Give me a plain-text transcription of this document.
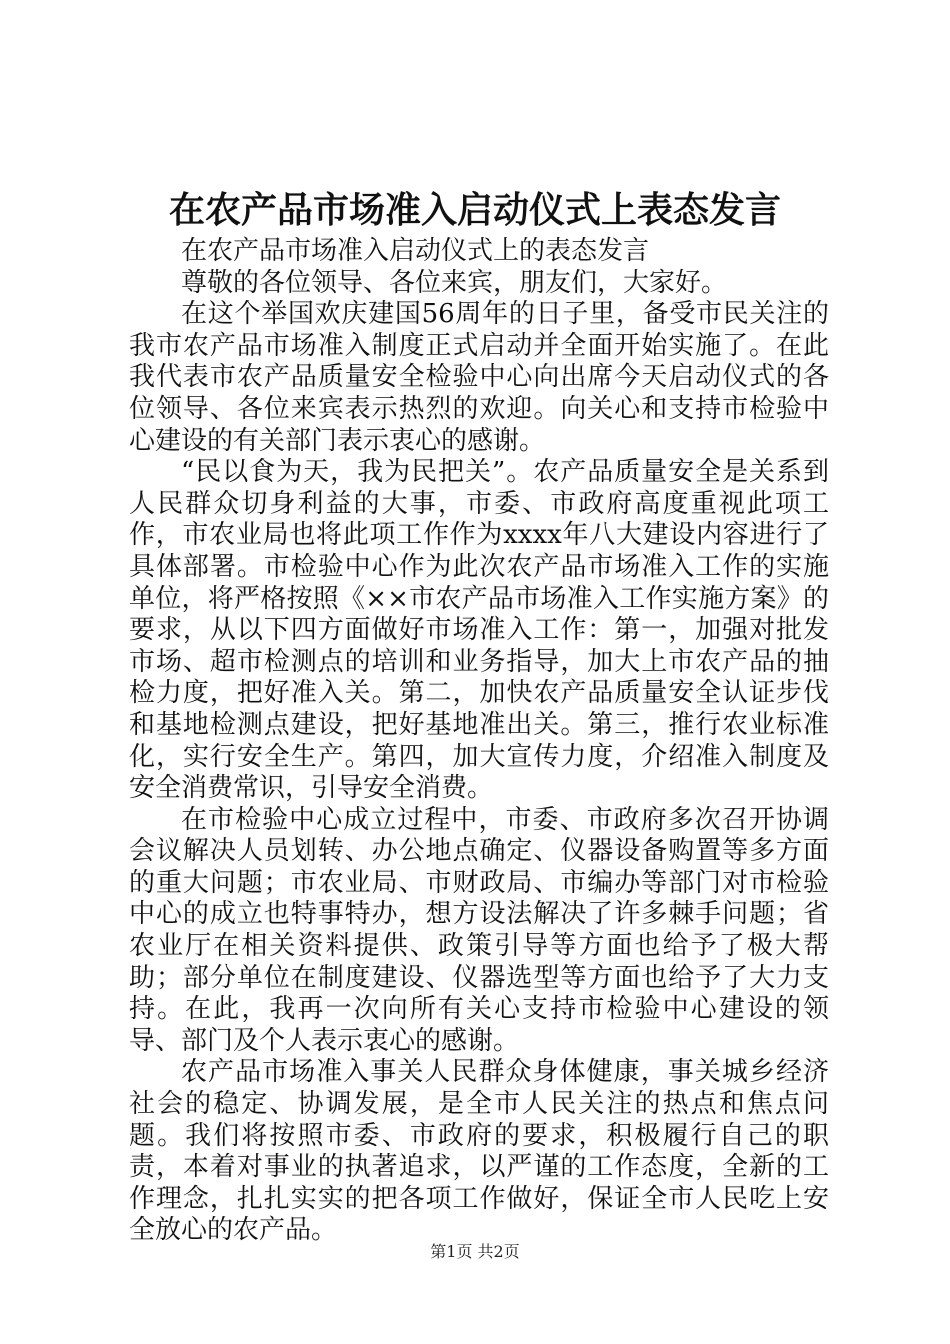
在农产品市场准入启动仪式上表态发言

在农产品市场准入启动仪式上的表态发言

尊敬的各位领导、各位来宾，朋友们，大家好。

在这个举国欢庆建国56周年的日子里，备受市民关注的我市农产品市场准入制度正式启动并全面开始实施了。在此我代表市农产品质量安全检验中心向出席今天启动仪式的各位领导、各位来宾表示热烈的欢迎。向关心和支持市检验中心建设的有关部门表示衷心的感谢。

“民以食为天，我为民把关”。农产品质量安全是关系到人民群众切身利益的大事，市委、市政府高度重视此项工作，市农业局也将此项工作作为xxxx年八大建设内容进行了具体部署。市检验中心作为此次农产品市场准入工作的实施单位，将严格按照《××市农产品市场准入工作实施方案》的要求，从以下四方面做好市场准入工作：第一，加强对批发市场、超市检测点的培训和业务指导，加大上市农产品的抽检力度，把好准入关。第二，加快农产品质量安全认证步伐和基地检测点建设，把好基地准出关。第三，推行农业标准化，实行安全生产。第四，加大宣传力度，介绍准入制度及安全消费常识，引导安全消费。

在市检验中心成立过程中，市委、市政府多次召开协调会议解决人员划转、办公地点确定、仪器设备购置等多方面的重大问题；市农业局、市财政局、市编办等部门对市检验中心的成立也特事特办，想方设法解决了许多棘手问题；省农业厅在相关资料提供、政策引导等方面也给予了极大帮助；部分单位在制度建设、仪器选型等方面也给予了大力支持。在此，我再一次向所有关心支持市检验中心建设的领导、部门及个人表示衷心的感谢。

农产品市场准入事关人民群众身体健康，事关城乡经济社会的稳定、协调发展，是全市人民关注的热点和焦点问题。我们将按照市委、市政府的要求，积极履行自己的职责，本着对事业的执著追求，以严谨的工作态度，全新的工作理念，扎扎实实的把各项工作做好，保证全市人民吃上安全放心的农产品。

第1页 共2页
